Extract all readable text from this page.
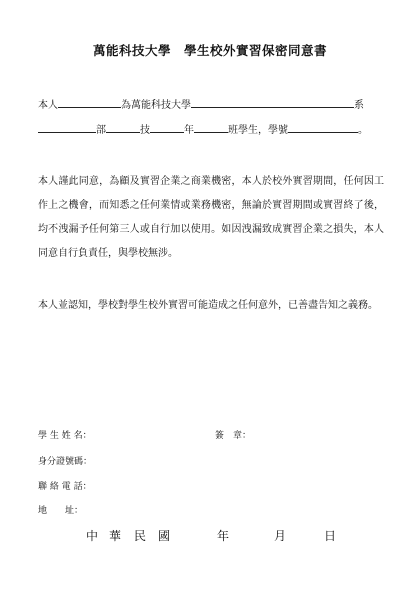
萬能科技大學　學生校外實習保密同意書
本人	為萬能科技大學	系
部	技	年	班學生，學號	。
本人謹此同意，為顧及實習企業之商業機密，本人於校外實習期間，任何因工作上之機會，而知悉之任何業情或業務機密，無論於實習期間或實習終了後，均不洩漏予任何第三人或自行加以使用。如因洩漏致成實習企業之損失，本人同意自行負責任，與學校無涉。
本人並認知，學校對學生校外實習可能造成之任何意外，已善盡告知之義務。
學 生 姓 名：	簽　章：
身分證號碼：
聯 絡 電 話：
地　　址：
中 華 民 國	年	月	日
